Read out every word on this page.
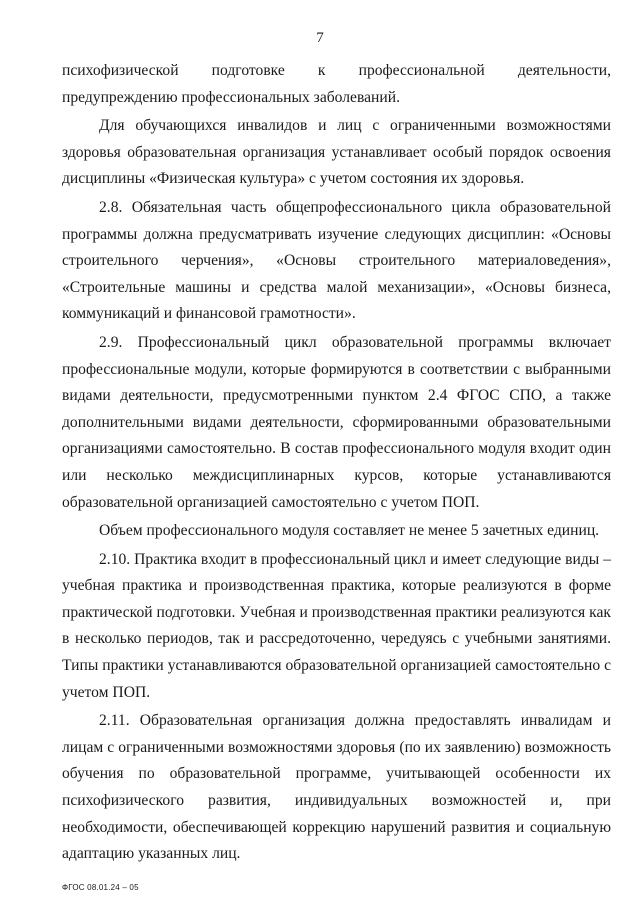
7

психофизической подготовке к профессиональной деятельности, предупреждению профессиональных заболеваний.

Для обучающихся инвалидов и лиц с ограниченными возможностями здоровья образовательная организация устанавливает особый порядок освоения дисциплины «Физическая культура» с учетом состояния их здоровья.

2.8. Обязательная часть общепрофессионального цикла образовательной программы должна предусматривать изучение следующих дисциплин: «Основы строительного черчения», «Основы строительного материаловедения», «Строительные машины и средства малой механизации», «Основы бизнеса, коммуникаций и финансовой грамотности».

2.9. Профессиональный цикл образовательной программы включает профессиональные модули, которые формируются в соответствии с выбранными видами деятельности, предусмотренными пунктом 2.4 ФГОС СПО, а также дополнительными видами деятельности, сформированными образовательными организациями самостоятельно. В состав профессионального модуля входит один или несколько междисциплинарных курсов, которые устанавливаются образовательной организацией самостоятельно с учетом ПОП.

Объем профессионального модуля составляет не менее 5 зачетных единиц.

2.10. Практика входит в профессиональный цикл и имеет следующие виды – учебная практика и производственная практика, которые реализуются в форме практической подготовки. Учебная и производственная практики реализуются как в несколько периодов, так и рассредоточенно, чередуясь с учебными занятиями. Типы практики устанавливаются образовательной организацией самостоятельно с учетом ПОП.

2.11. Образовательная организация должна предоставлять инвалидам и лицам с ограниченными возможностями здоровья (по их заявлению) возможность обучения по образовательной программе, учитывающей особенности их психофизического развития, индивидуальных возможностей и, при необходимости, обеспечивающей коррекцию нарушений развития и социальную адаптацию указанных лиц.

ФГОС 08.01.24 – 05
